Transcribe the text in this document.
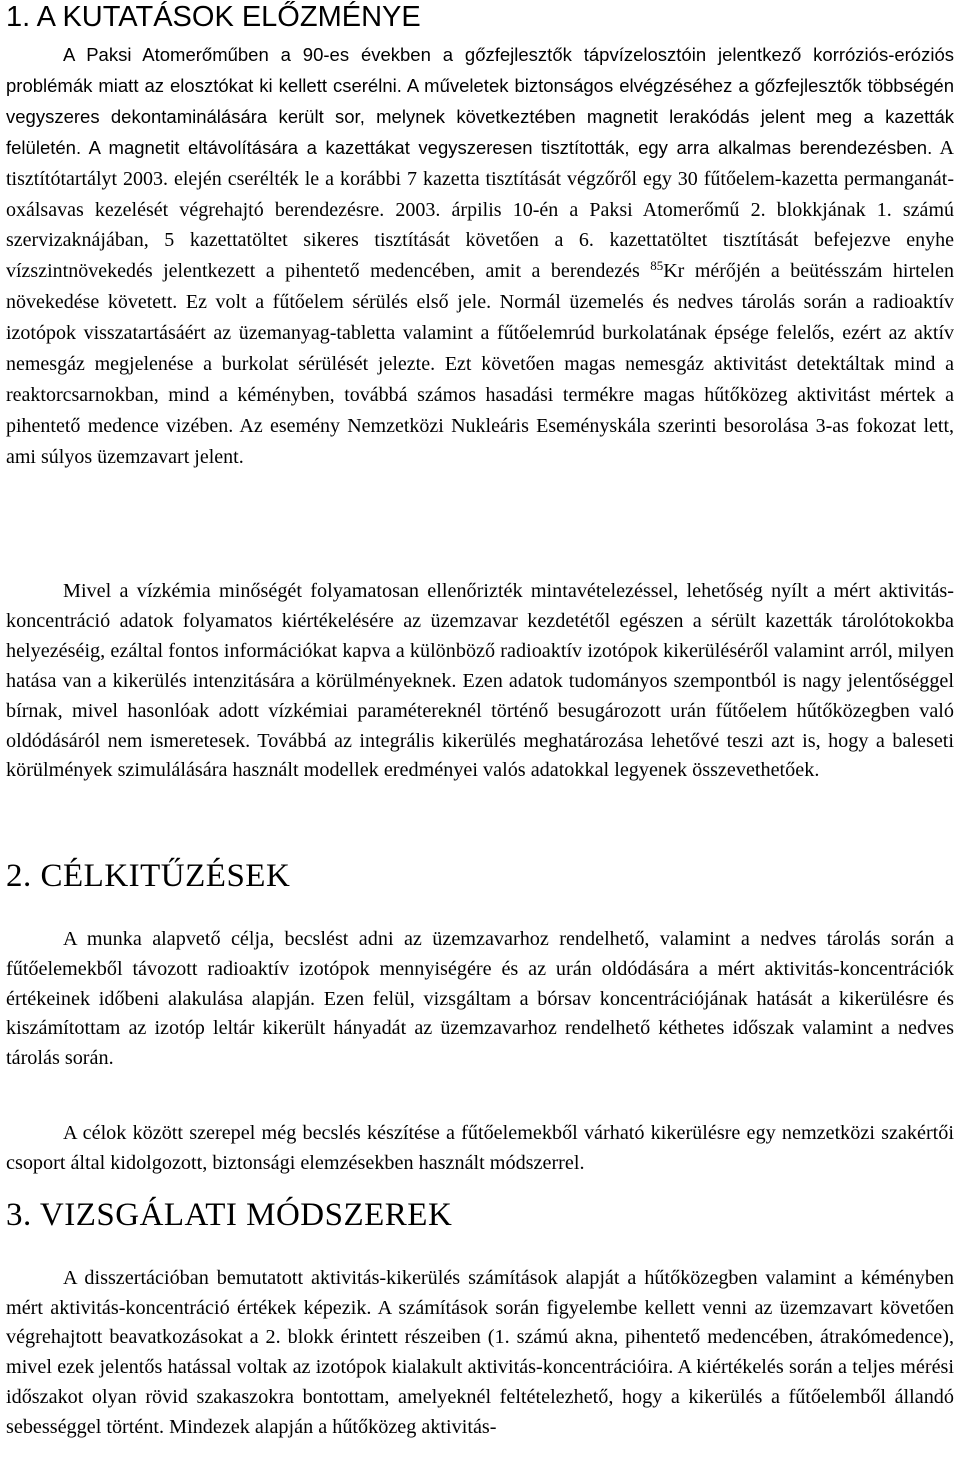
1. A KUTATÁSOK ELŐZMÉNYE

A Paksi Atomerőműben a 90-es években a gőzfejlesztők tápvízelosztóin jelentkező korróziós-eróziós problémák miatt az elosztókat ki kellett cserélni. A műveletek biztonságos elvégzéséhez a gőzfejlesztők többségén vegyszeres dekontaminálására került sor, melynek következtében magnetit lerakódás jelent meg a kazetták felületén. A magnetit eltávolítására a kazettákat vegyszeresen tisztították, egy arra alkalmas berendezésben. A tisztítótartályt 2003. elején cserélték le a korábbi 7 kazetta tisztítását végzőről egy 30 fűtőelem-kazetta permanganát-oxálsavas kezelését végrehajtó berendezésre. 2003. árpilis 10-én a Paksi Atomerőmű 2. blokkjának 1. számú szervizaknájában, 5 kazettatöltet sikeres tisztítását követően a 6. kazettatöltet tisztítását befejezve enyhe vízszintnövekedés jelentkezett a pihentető medencében, amit a berendezés $^{85}$Kr mérőjén a beütésszám hirtelen növekedése követett. Ez volt a fűtőelem sérülés első jele. Normál üzemelés és nedves tárolás során a radioaktív izotópok visszatartásáért az üzemanyag-tabletta valamint a fűtőelemrúd burkolatának épsége felelős, ezért az aktív nemesgáz megjelenése a burkolat sérülését jelezte. Ezt követően magas nemesgáz aktivitást detektáltak mind a reaktorcsarnokban, mind a kéményben, továbbá számos hasadási termékre magas hűtőközeg aktivitást mértek a pihentető medence vizében. Az esemény Nemzetközi Nukleáris Eseményskála szerinti besorolása 3-as fokozat lett, ami súlyos üzemzavart jelent.

Mivel a vízkémia minőségét folyamatosan ellenőrizték mintavételezéssel, lehetőség nyílt a mért aktivitás-koncentráció adatok folyamatos kiértékelésére az üzemzavar kezdetétől egészen a sérült kazetták tárolótokokba helyezéséig, ezáltal fontos információkat kapva a különböző radioaktív izotópok kikerüléséről valamint arról, milyen hatása van a kikerülés intenzitására a körülményeknek. Ezen adatok tudományos szempontból is nagy jelentőséggel bírnak, mivel hasonlóak adott vízkémiai paramétereknél történő besugározott urán fűtőelem hűtőközegben való oldódásáról nem ismeretesek. Továbbá az integrális kikerülés meghatározása lehetővé teszi azt is, hogy a baleseti körülmények szimulálására használt modellek eredményei valós adatokkal legyenek összevethetőek.

2. CÉLKITŰZÉSEK

A munka alapvető célja, becslést adni az üzemzavarhoz rendelhető, valamint a nedves tárolás során a fűtőelemekből távozott radioaktív izotópok mennyiségére és az urán oldódására a mért aktivitás-koncentrációk értékeinek időbeni alakulása alapján. Ezen felül, vizsgáltam a bórsav koncentrációjának hatását a kikerülésre és kiszámítottam az izotóp leltár kikerült hányadát az üzemzavarhoz rendelhető kéthetes időszak valamint a nedves tárolás során.

A célok között szerepel még becslés készítése a fűtőelemekből várható kikerülésre egy nemzetközi szakértői csoport által kidolgozott, biztonsági elemzésekben használt módszerrel.

3. VIZSGÁLATI MÓDSZEREK

A disszertációban bemutatott aktivitás-kikerülés számítások alapját a hűtőközegben valamint a kéményben mért aktivitás-koncentráció értékek képezik. A számítások során figyelembe kellett venni az üzemzavart követően végrehajtott beavatkozásokat a 2. blokk érintett részeiben (1. számú akna, pihentető medencében, átrakómedence), mivel ezek jelentős hatással voltak az izotópok kialakult aktivitás-koncentrációira. A kiértékelés során a teljes mérési időszakot olyan rövid szakaszokra bontottam, amelyeknél feltételezhető, hogy a kikerülés a fűtőelemből állandó sebességgel történt. Mindezek alapján a hűtőközeg aktivitás-
